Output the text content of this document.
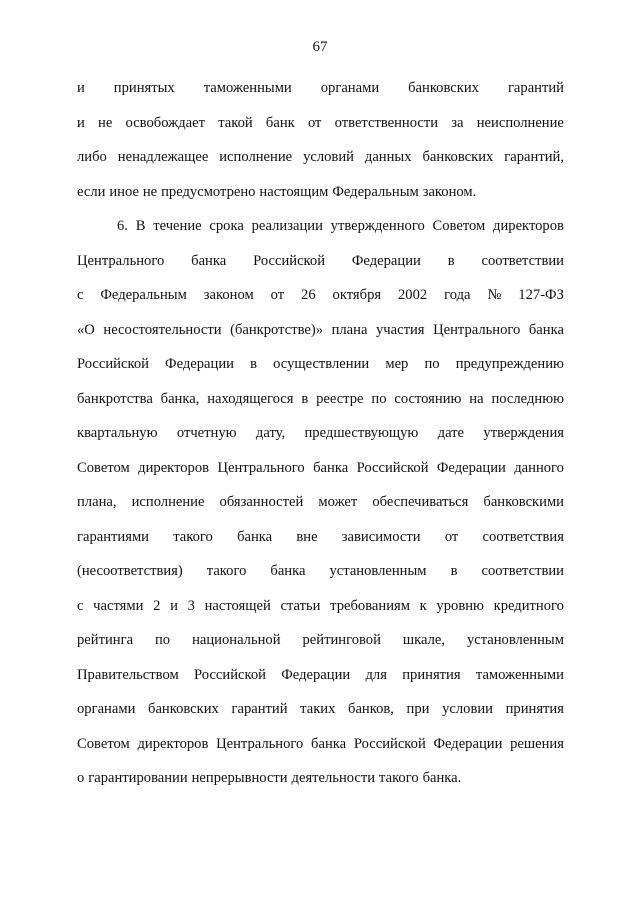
67
и принятых таможенными органами банковских гарантий
и не освобождает такой банк от ответственности за неисполнение
либо ненадлежащее исполнение условий данных банковских гарантий,
если иное не предусмотрено настоящим Федеральным законом.
6. В течение срока реализации утвержденного Советом директоров
Центрального банка Российской Федерации в соответствии
с Федеральным законом от 26 октября 2002 года № 127-ФЗ
«О несостоятельности (банкротстве)» плана участия Центрального банка
Российской Федерации в осуществлении мер по предупреждению
банкротства банка, находящегося в реестре по состоянию на последнюю
квартальную отчетную дату, предшествующую дате утверждения
Советом директоров Центрального банка Российской Федерации данного
плана, исполнение обязанностей может обеспечиваться банковскими
гарантиями такого банка вне зависимости от соответствия
(несоответствия) такого банка установленным в соответствии
с частями 2 и 3 настоящей статьи требованиям к уровню кредитного
рейтинга по национальной рейтинговой шкале, установленным
Правительством Российской Федерации для принятия таможенными
органами банковских гарантий таких банков, при условии принятия
Советом директоров Центрального банка Российской Федерации решения
о гарантировании непрерывности деятельности такого банка.
